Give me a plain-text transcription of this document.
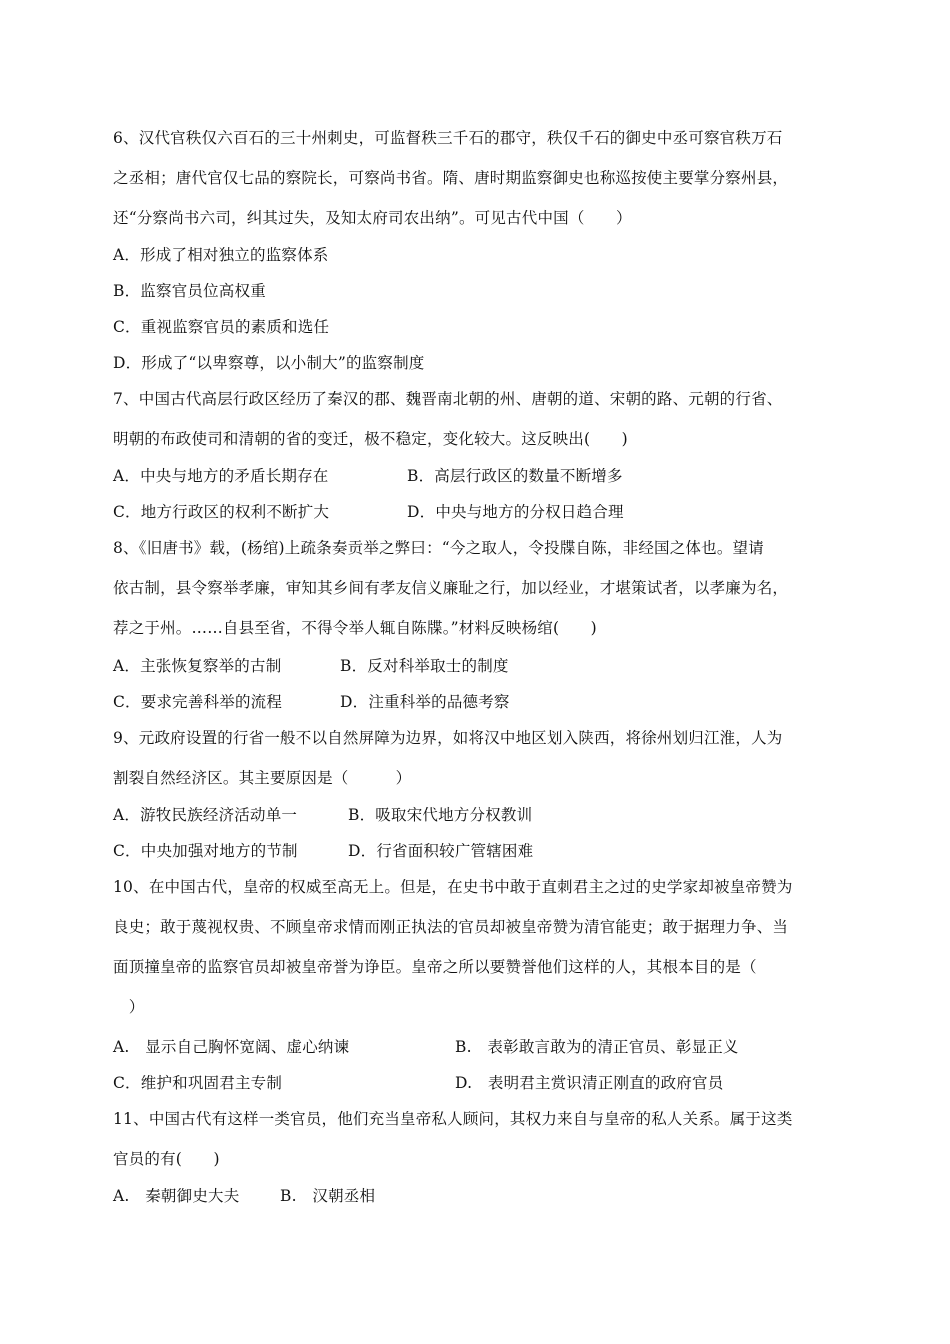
6、汉代官秩仅六百石的三十州刺史，可监督秩三千石的郡守，秩仅千石的御史中丞可察官秩万石
之丞相；唐代官仅七品的察院长，可察尚书省。隋、唐时期监察御史也称巡按使主要掌分察州县，
还“分察尚书六司，纠其过失，及知太府司农出纳”。可见古代中国（　　）
A．形成了相对独立的监察体系
B．监察官员位高权重
C．重视监察官员的素质和选任
D．形成了“以卑察尊，以小制大”的监察制度
7、中国古代高层行政区经历了秦汉的郡、魏晋南北朝的州、唐朝的道、宋朝的路、元朝的行省、
明朝的布政使司和清朝的省的变迁，极不稳定，变化较大。这反映出(　　)
A．中央与地方的矛盾长期存在	B．高层行政区的数量不断增多
C．地方行政区的权利不断扩大	D．中央与地方的分权日趋合理
8、《旧唐书》载，(杨绾)上疏条奏贡举之弊曰：“今之取人，令投牒自陈，非经国之体也。望请
依古制，县令察举孝廉，审知其乡间有孝友信义廉耻之行，加以经业，才堪策试者，以孝廉为名，
荐之于州。……自县至省，不得令举人辄自陈牒。”材料反映杨绾(　　)
A．主张恢复察举的古制	B．反对科举取士的制度
C．要求完善科举的流程	D．注重科举的品德考察
9、元政府设置的行省一般不以自然屏障为边界，如将汉中地区划入陕西，将徐州划归江淮，人为
割裂自然经济区。其主要原因是（　　　）
A．游牧民族经济活动单一	B．吸取宋代地方分权教训
C．中央加强对地方的节制	D．行省面积较广管辖困难
10、在中国古代，皇帝的权威至高无上。但是，在史书中敢于直刺君主之过的史学家却被皇帝赞为
良史；敢于蔑视权贵、不顾皇帝求情而刚正执法的官员却被皇帝赞为清官能吏；敢于据理力争、当
面顶撞皇帝的监察官员却被皇帝誉为诤臣。皇帝之所以要赞誉他们这样的人，其根本目的是（
　）
A.　显示自己胸怀宽阔、虚心纳谏	B.　表彰敢言敢为的清正官员、彰显正义
C．维护和巩固君主专制	D.　表明君主赏识清正刚直的政府官员
11、中国古代有这样一类官员，他们充当皇帝私人顾问，其权力来自与皇帝的私人关系。属于这类
官员的有(　　)
A.　秦朝御史大夫	B.　汉朝丞相
